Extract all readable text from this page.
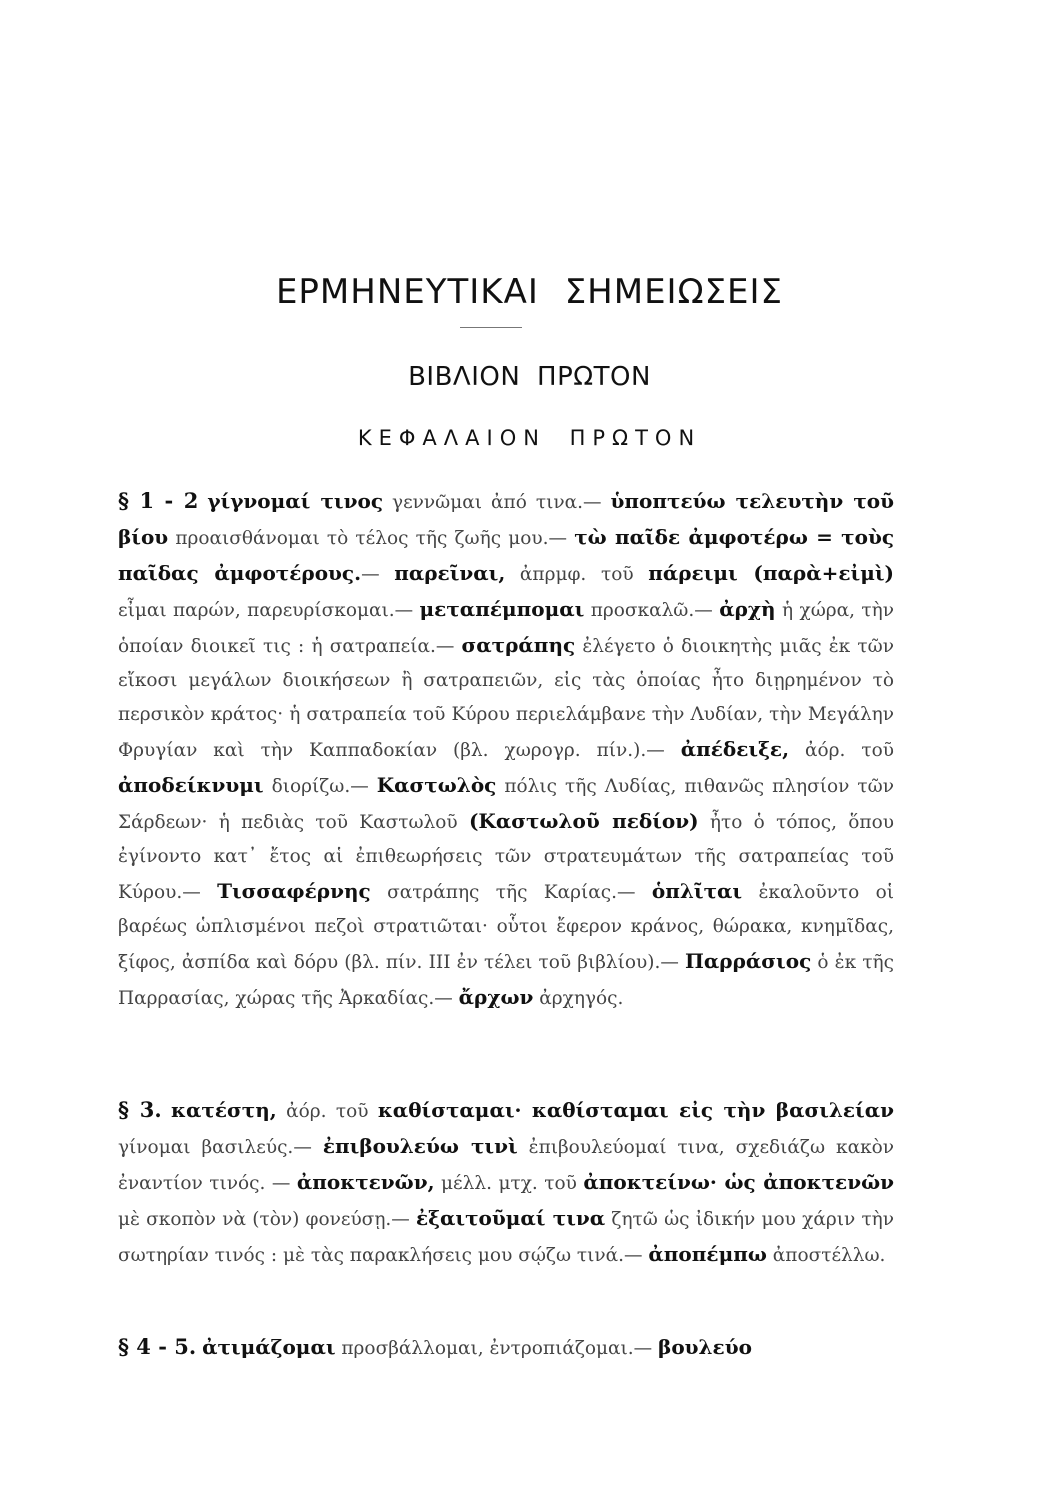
ΕΡΜΗΝΕΥΤΙΚΑΙ ΣΗΜΕΙΩΣΕΙΣ
ΒΙΒΛΙΟΝ ΠΡΩΤΟΝ
ΚΕΦΑΛΑΙΟΝ ΠΡΩΤΟΝ
§ 1 - 2 γίγνομαί τινος γεννῶμαι ἀπό τινα.— ὑποπτεύω τελευτὴν τοῦ βίου προαισθάνομαι τὸ τέλος τῆς ζωῆς μου.— τὼ παῖδε ἀμφοτέρω = τοὺς παῖδας ἀμφοτέρους.— παρεῖναι, ἀπρμφ. τοῦ πάρειμι (παρὰ+εἰμὶ) εἶμαι παρών, παρευρίσκομαι.— μεταπέμπομαι προσκαλῶ.— ἀρχὴ ἡ χώρα, τὴν ὁποίαν διοικεῖ τις : ἡ σατραπεία.— σατράπης ἐλέγετο ὁ διοικητὴς μιᾶς ἐκ τῶν εἴκοσι μεγάλων διοικήσεων ἢ σατραπειῶν, εἰς τὰς ὁποίας ἦτο διῃρημένον τὸ περσικὸν κράτος· ἡ σατραπεία τοῦ Κύρου περιελάμβανε τὴν Λυδίαν, τὴν Μεγάλην Φρυγίαν καὶ τὴν Καππαδοκίαν (βλ. χωρογρ. πίν.).— ἀπέδειξε, ἀόρ. τοῦ ἀποδείκνυμι διορίζω.— Καστωλὸς πόλις τῆς Λυδίας, πιθανῶς πλησίον τῶν Σάρδεων· ἡ πεδιὰς τοῦ Καστωλοῦ (Καστωλοῦ πεδίον) ἦτο ὁ τόπος, ὅπου ἐγίνοντο κατ᾿ ἔτος αἱ ἐπιθεωρήσεις τῶν στρατευμάτων τῆς σατραπείας τοῦ Κύρου.— Τισσαφέρνης σατράπης τῆς Καρίας.— ὁπλῖται ἐκαλοῦντο οἱ βαρέως ὡπλισμένοι πεζοὶ στρατιῶται· οὗτοι ἔφερον κράνος, θώρακα, κνημῖδας, ξίφος, ἀσπίδα καὶ δόρυ (βλ. πίν. III ἐν τέλει τοῦ βιβλίου).— Παρράσιος ὁ ἐκ τῆς Παρρασίας, χώρας τῆς Ἀρκαδίας.— ἄρχων ἀρχηγός.
§ 3. κατέστη, ἀόρ. τοῦ καθίσταμαι· καθίσταμαι εἰς τὴν βασιλείαν γίνομαι βασιλεύς.— ἐπιβουλεύω τινὶ ἐπιβουλεύομαί τινα, σχεδιάζω κακὸν ἐναντίον τινός. — ἀποκτενῶν, μέλλ. μτχ. τοῦ ἀποκτείνω· ὡς ἀποκτενῶν μὲ σκοπὸν νὰ (τὸν) φονεύσῃ.— ἐξαιτοῦμαί τινα ζητῶ ὡς ἰδικήν μου χάριν τὴν σωτηρίαν τινός : μὲ τὰς παρακλήσεις μου σῴζω τινά.— ἀποπέμπω ἀποστέλλω.
§ 4 - 5. ἀτιμάζομαι προσβάλλομαι, ἐντροπιάζομαι.— βουλεύο
